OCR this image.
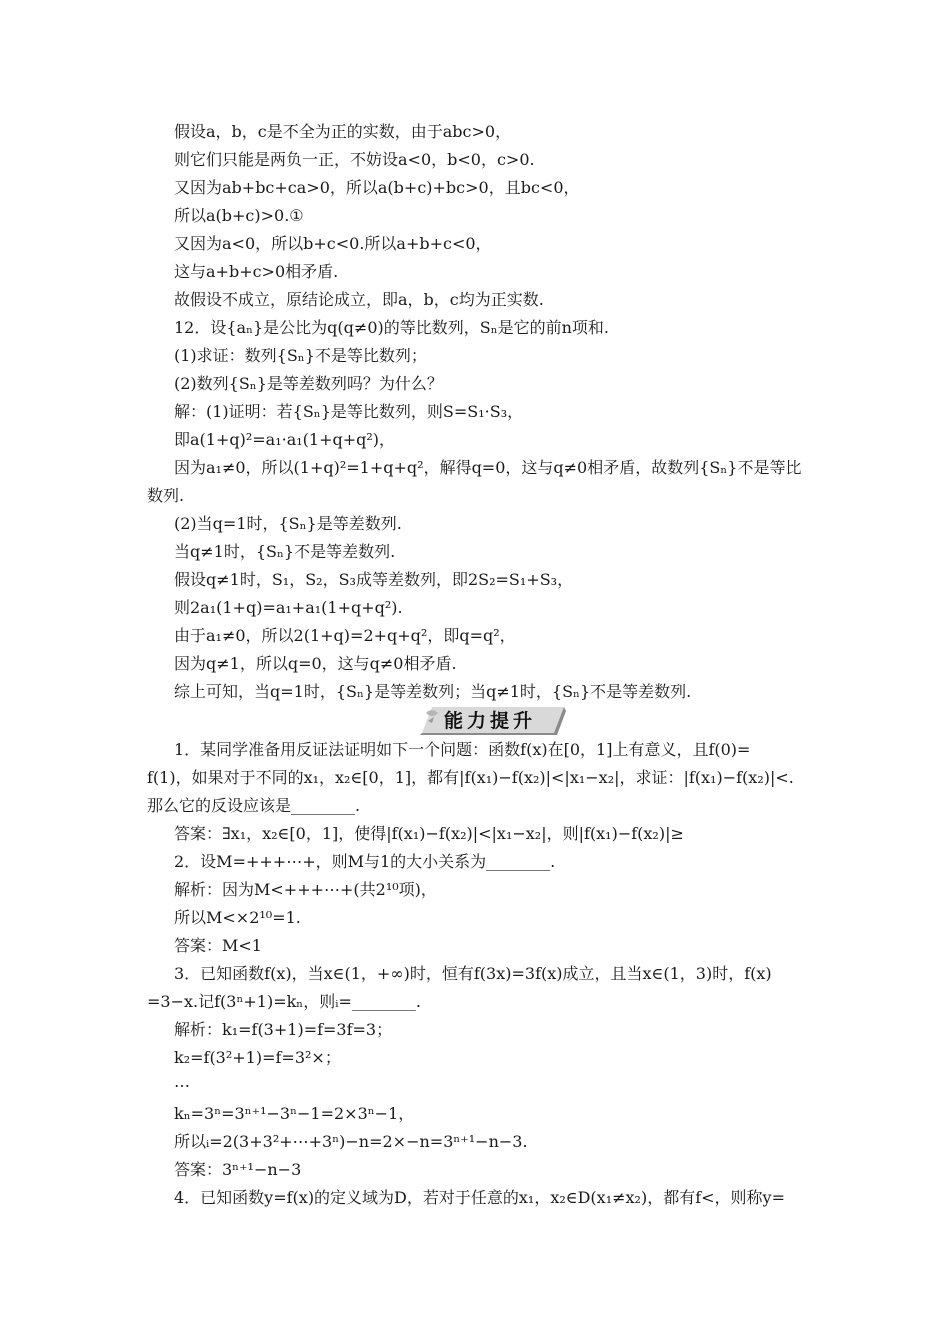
假设a，b，c是不全为正的实数，由于abc>0，
则它们只能是两负一正，不妨设a<0，b<0，c>0.
又因为ab+bc+ca>0，所以a(b+c)+bc>0，且bc<0，
所以a(b+c)>0.①
又因为a<0，所以b+c<0.所以a+b+c<0，
这与a+b+c>0相矛盾.
故假设不成立，原结论成立，即a，b，c均为正实数.
12．设{aₙ}是公比为q(q≠0)的等比数列，Sₙ是它的前n项和.
(1)求证：数列{Sₙ}不是等比数列；
(2)数列{Sₙ}是等差数列吗？为什么？
解：(1)证明：若{Sₙ}是等比数列，则S=S₁·S₃，
即a(1+q)²=a₁·a₁(1+q+q²)，
因为a₁≠0，所以(1+q)²=1+q+q²，解得q=0，这与q≠0相矛盾，故数列{Sₙ}不是等比
数列.
(2)当q=1时，{Sₙ}是等差数列.
当q≠1时，{Sₙ}不是等差数列.
假设q≠1时，S₁，S₂，S₃成等差数列，即2S₂=S₁+S₃，
则2a₁(1+q)=a₁+a₁(1+q+q²).
由于a₁≠0，所以2(1+q)=2+q+q²，即q=q²，
因为q≠1，所以q=0，这与q≠0相矛盾.
综上可知，当q=1时，{Sₙ}是等差数列；当q≠1时，{Sₙ}不是等差数列.
能力提升
1．某同学准备用反证法证明如下一个问题：函数f(x)在[0，1]上有意义，且f(0)=
f(1)，如果对于不同的x₁，x₂∈[0，1]，都有|f(x₁)−f(x₂)|<|x₁−x₂|，求证：|f(x₁)−f(x₂)|<.
那么它的反设应该是________.
答案：∃x₁，x₂∈[0，1]，使得|f(x₁)−f(x₂)|<|x₁−x₂|，则|f(x₁)−f(x₂)|≥
2．设M=+++⋯+，则M与1的大小关系为________.
解析：因为M<+++⋯+(共2¹⁰项)，
所以M<×2¹⁰=1.
答案：M<1
3．已知函数f(x)，当x∈(1，+∞)时，恒有f(3x)=3f(x)成立，且当x∈(1，3)时，f(x)
=3−x.记f(3ⁿ+1)=kₙ，则ᵢ=________.
解析：k₁=f(3+1)=f=3f=3；
k₂=f(3²+1)=f=3²×；
⋯
kₙ=3ⁿ=3ⁿ⁺¹−3ⁿ−1=2×3ⁿ−1，
所以ᵢ=2(3+3²+⋯+3ⁿ)−n=2×−n=3ⁿ⁺¹−n−3.
答案：3ⁿ⁺¹−n−3
4．已知函数y=f(x)的定义域为D，若对于任意的x₁，x₂∈D(x₁≠x₂)，都有f<，则称y=
